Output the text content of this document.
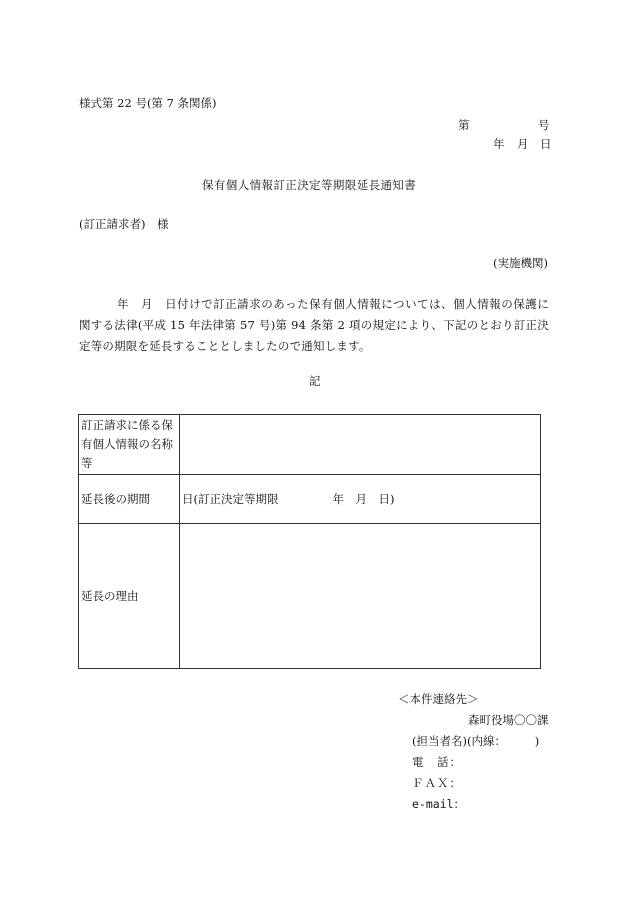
様式第 22 号(第 7 条関係)
第	号
年 月 日
保有個人情報訂正決定等期限延長通知書
(訂正請求者)　様
(実施機関)
年　月　日付けで訂正請求のあった保有個人情報については、個人情報の保護に関する法律(平成 15 年法律第 57 号)第 94 条第 2 項の規定により、下記のとおり訂正決定等の期限を延長することとしましたので通知します。
記
訂正請求に係る保有個人情報の名称等	
延長後の期間	日(訂正決定等期限 年　月　日)
延長の理由	
＜本件連絡先＞
森町役場〇〇課
(担当者名)(内線：　　　)
電　話：
ＦＡＸ：
e-mail：
